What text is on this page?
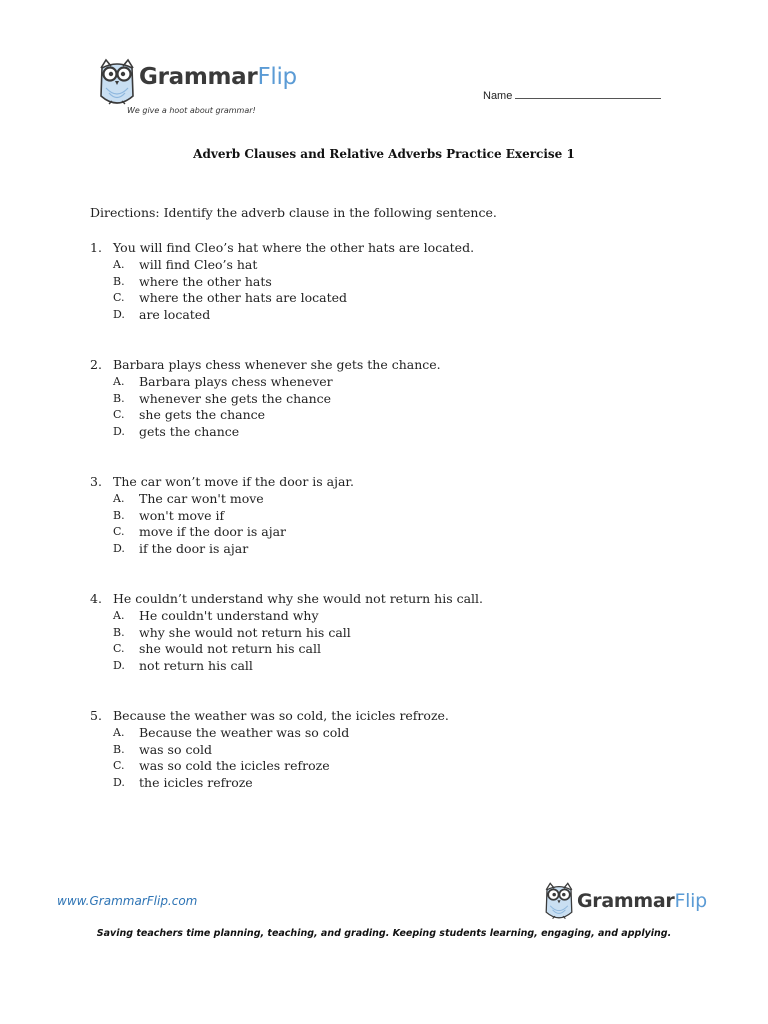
GrammarFlip
We give a hoot about grammar!
Name
Adverb Clauses and Relative Adverbs Practice Exercise 1
Directions: Identify the adverb clause in the following sentence.
1. You will find Cleo’s hat where the other hats are located.
A. will find Cleo’s hat
B. where the other hats
C. where the other hats are located
D. are located
2. Barbara plays chess whenever she gets the chance.
A. Barbara plays chess whenever
B. whenever she gets the chance
C. she gets the chance
D. gets the chance
3. The car won’t move if the door is ajar.
A. The car won't move
B. won't move if
C. move if the door is ajar
D. if the door is ajar
4. He couldn’t understand why she would not return his call.
A. He couldn't understand why
B. why she would not return his call
C. she would not return his call
D. not return his call
5. Because the weather was so cold, the icicles refroze.
A. Because the weather was so cold
B. was so cold
C. was so cold the icicles refroze
D. the icicles refroze
www.GrammarFlip.com	GrammarFlip
Saving teachers time planning, teaching, and grading. Keeping students learning, engaging, and applying.
